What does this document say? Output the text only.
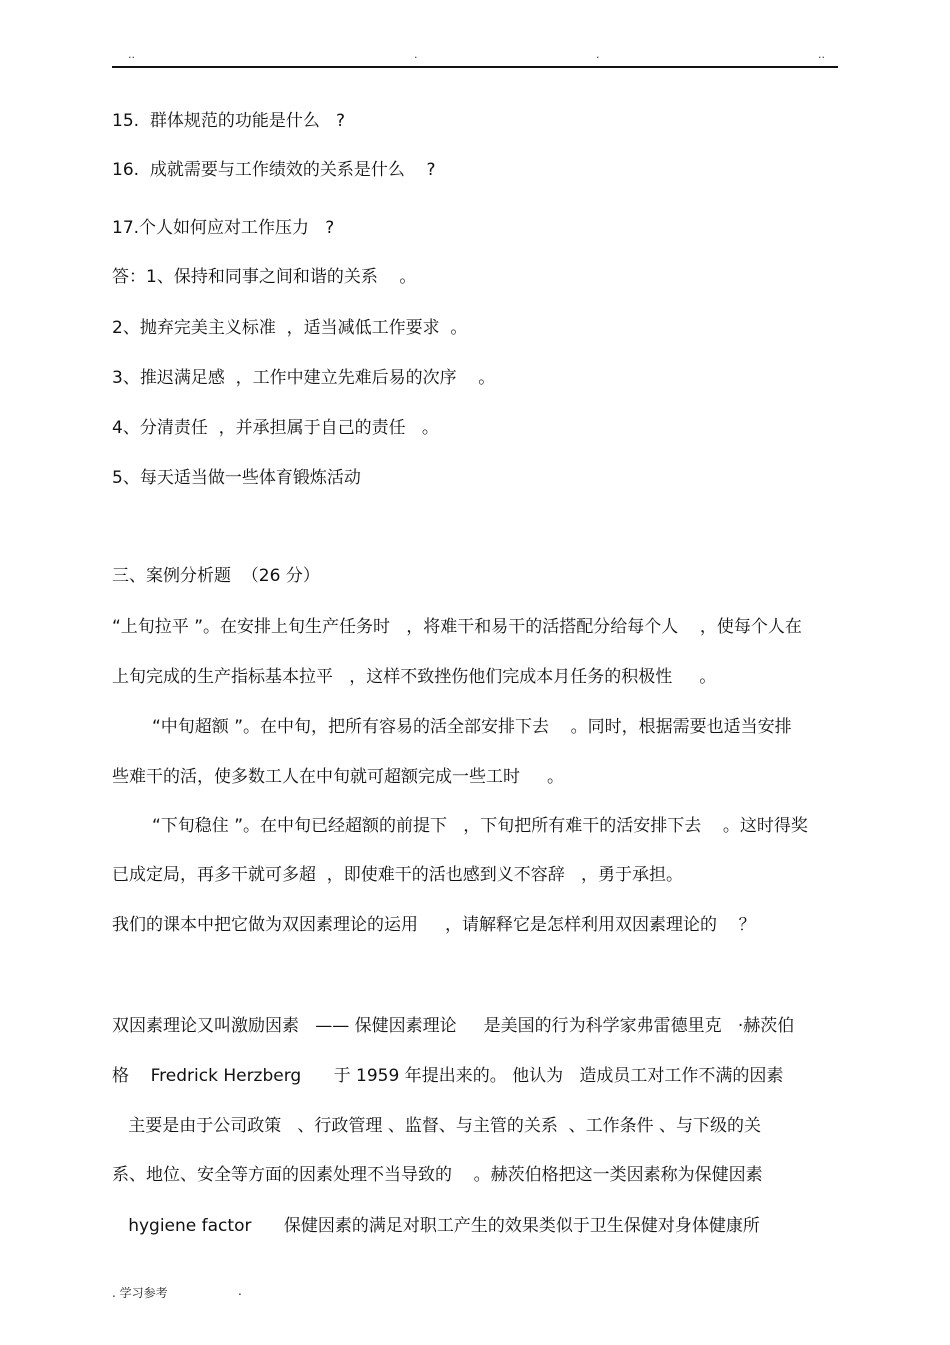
..	.	.	..
15.  群体规范的功能是什么   ?
16.  成就需要与工作绩效的关系是什么    ?
17.个人如何应对工作压力   ?
答：1、保持和同事之间和谐的关系    。
2、抛弃完美主义标准  ，适当减低工作要求  。
3、推迟满足感  ，工作中建立先难后易的次序    。
4、分清责任  ，并承担属于自己的责任   。
5、每天适当做一些体育锻炼活动
三、案例分析题  （26 分）
“上旬拉平 ”。在安排上旬生产任务时   ，将难干和易干的活搭配分给每个人    ，使每个人在
上旬完成的生产指标基本拉平   ，这样不致挫伤他们完成本月任务的积极性     。
“中旬超额 ”。在中旬，把所有容易的活全部安排下去    。同时，根据需要也适当安排
些难干的活，使多数工人在中旬就可超额完成一些工时     。
“下旬稳住 ”。在中旬已经超额的前提下   ，下旬把所有难干的活安排下去    。这时得奖
已成定局，再多干就可多超  ，即使难干的活也感到义不容辞   ，勇于承担。
我们的课本中把它做为双因素理论的运用     ，请解释它是怎样利用双因素理论的    ？
双因素理论又叫激励因素   —— 保健因素理论     是美国的行为科学家弗雷德里克   ·赫茨伯
格    Fredrick Herzberg      于 1959 年提出来的。 他认为   造成员工对工作不满的因素
主要是由于公司政策   、行政管理 、监督、与主管的关系  、工作条件 、与下级的关
系、地位、安全等方面的因素处理不当导致的    。赫茨伯格把这一类因素称为保健因素
hygiene factor      保健因素的满足对职工产生的效果类似于卫生保健对身体健康所
. 学习参考	.
